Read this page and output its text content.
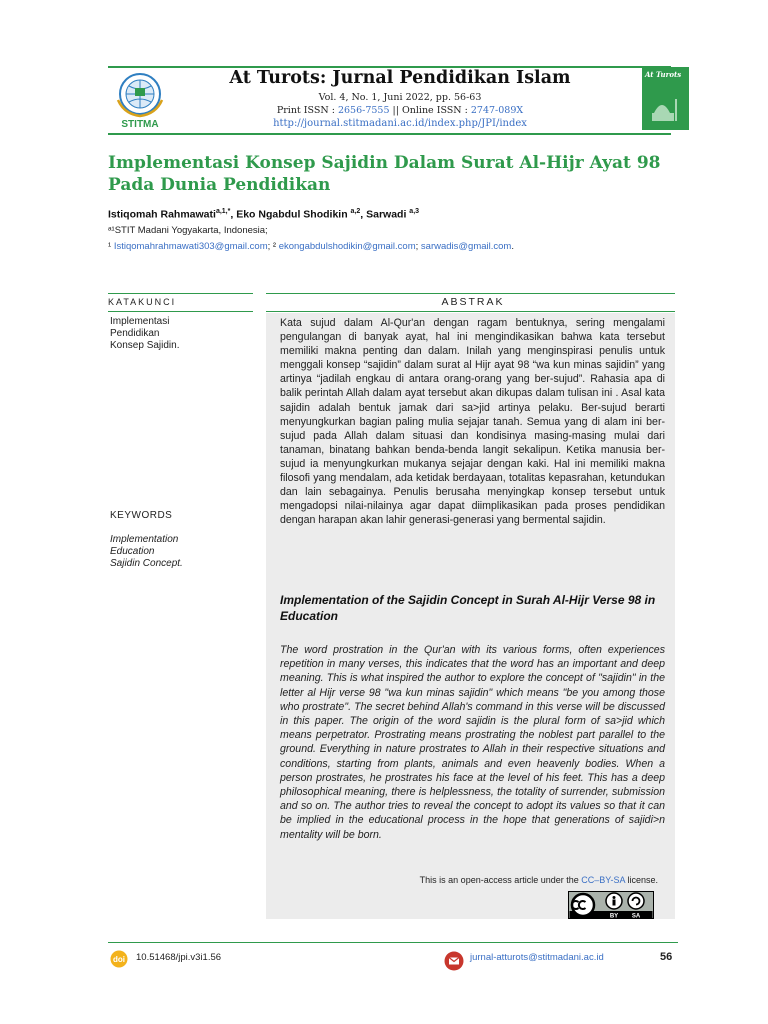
STITMA
At Turots: Jurnal Pendidikan Islam
Vol. 4, No. 1, Juni 2022, pp. 56-63
Print ISSN : 2656-7555 || Online ISSN : 2747-089X
http://journal.stitmadani.ac.id/index.php/JPI/index
At Turots
Implementasi Konsep Sajidin Dalam Surat Al-Hijr Ayat 98 Pada Dunia Pendidikan
Istiqomah Rahmawati$^{a,1,*}$, Eko Ngabdul Shodikin $^{a,2}$, Sarwadi $^{a,3}$
ᵃ¹STIT Madani Yogyakarta, Indonesia;
¹ Istiqomahrahmawati303@gmail.com; ² ekongabdulshodikin@gmail.com; sarwadis@gmail.com.
KATAKUNCI	ABSTRAK
Implementasi
Pendidikan
Konsep Sajidin.
KEYWORDS
Implementation
Education
Sajidin Concept.
Kata sujud dalam Al-Qur'an dengan ragam bentuknya, sering mengalami pengulangan di banyak ayat, hal ini mengindikasikan bahwa kata tersebut memiliki makna penting dan dalam. Inilah yang menginspirasi penulis untuk menggali konsep “sajidin” dalam surat al Hijr ayat 98 “wa kun minas sajidin” yang artinya “jadilah engkau di antara orang-orang yang ber-sujud”. Rahasia apa di balik perintah Allah dalam ayat tersebut akan dikupas dalam tulisan ini . Asal kata sajidin adalah bentuk jamak dari sa>jid artinya pelaku. Ber-sujud berarti menyungkurkan bagian paling mulia sejajar tanah. Semua yang di alam ini ber-sujud pada Allah dalam situasi dan kondisinya masing-masing mulai dari tanaman, binatang bahkan benda-benda langit sekalipun. Ketika manusia ber-sujud ia menyungkurkan mukanya sejajar dengan kaki. Hal ini memiliki makna filosofi yang mendalam, ada ketidak berdayaan, totalitas kepasrahan, ketundukan dan lain sebagainya. Penulis berusaha menyingkap konsep tersebut untuk mengadopsi nilai-nilainya agar dapat diimplikasikan pada proses pendidikan dengan harapan akan lahir generasi-generasi yang bermental sajidin.
Implementation of the Sajidin Concept in Surah Al-Hijr Verse 98 in Education
The word prostration in the Qur'an with its various forms, often experiences repetition in many verses, this indicates that the word has an important and deep meaning. This is what inspired the author to explore the concept of "sajidin" in the letter al Hijr verse 98 "wa kun minas sajidin" which means "be you among those who prostrate". The secret behind Allah's command in this verse will be discussed in this paper. The origin of the word sajidin is the plural form of sa>jid which means perpetrator. Prostrating means prostrating the noblest part parallel to the ground. Everything in nature prostrates to Allah in their respective situations and conditions, starting from plants, animals and even heavenly bodies. When a person prostrates, he prostrates his face at the level of his feet. This has a deep philosophical meaning, there is helplessness, the totality of surrender, submission and so on. The author tries to reveal the concept to adopt its values so that it can be implied in the educational process in the hope that generations of sajidi>n mentality will be born.
This is an open-access article under the CC–BY-SA license.
BY SA
doi 10.51468/jpi.v3i1.56	jurnal-atturots@stitmadani.ac.id	56
